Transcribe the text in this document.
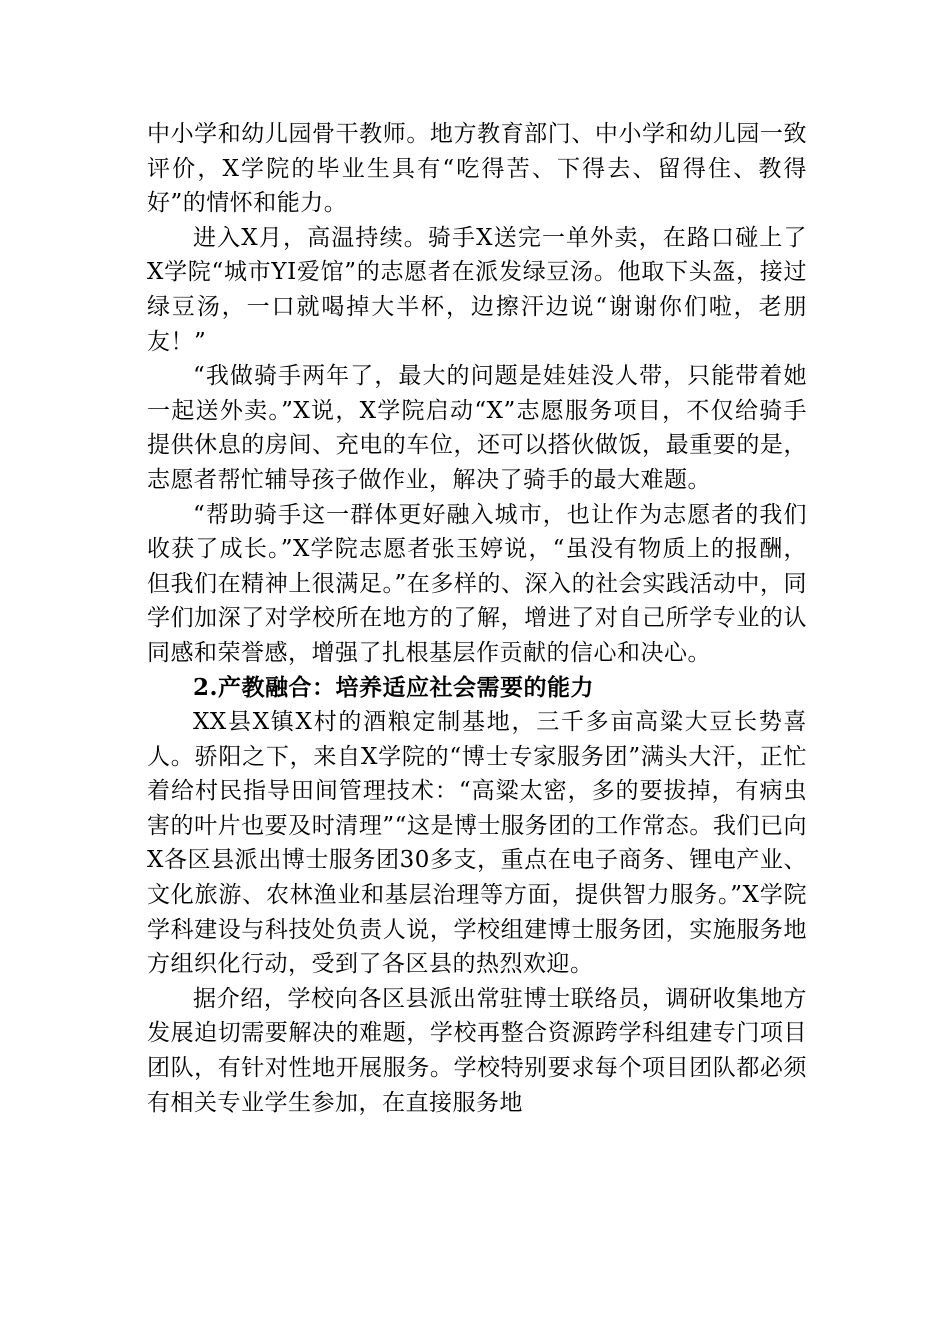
中小学和幼儿园骨干教师。地方教育部门、中小学和幼儿园一致评价，X学院的毕业生具有“吃得苦、下得去、留得住、教得好”的情怀和能力。

进入X月，高温持续。骑手X送完一单外卖，在路口碰上了X学院“城市YI爱馆”的志愿者在派发绿豆汤。他取下头盔，接过绿豆汤，一口就喝掉大半杯，边擦汗边说“谢谢你们啦，老朋友！”

“我做骑手两年了，最大的问题是娃娃没人带，只能带着她一起送外卖。”X说，X学院启动“X”志愿服务项目，不仅给骑手提供休息的房间、充电的车位，还可以搭伙做饭，最重要的是，志愿者帮忙辅导孩子做作业，解决了骑手的最大难题。

“帮助骑手这一群体更好融入城市，也让作为志愿者的我们收获了成长。”X学院志愿者张玉婷说，“虽没有物质上的报酬，但我们在精神上很满足。”在多样的、深入的社会实践活动中，同学们加深了对学校所在地方的了解，增进了对自己所学专业的认同感和荣誉感，增强了扎根基层作贡献的信心和决心。

2.产教融合：培养适应社会需要的能力

XX县X镇X村的酒粮定制基地，三千多亩高粱大豆长势喜人。骄阳之下，来自X学院的“博士专家服务团”满头大汗，正忙着给村民指导田间管理技术：“高粱太密，多的要拔掉，有病虫害的叶片也要及时清理”“这是博士服务团的工作常态。我们已向X各区县派出博士服务团30多支，重点在电子商务、锂电产业、文化旅游、农林渔业和基层治理等方面，提供智力服务。”X学院学科建设与科技处负责人说，学校组建博士服务团，实施服务地方组织化行动，受到了各区县的热烈欢迎。

据介绍，学校向各区县派出常驻博士联络员，调研收集地方发展迫切需要解决的难题，学校再整合资源跨学科组建专门项目团队，有针对性地开展服务。学校特别要求每个项目团队都必须有相关专业学生参加，在直接服务地
